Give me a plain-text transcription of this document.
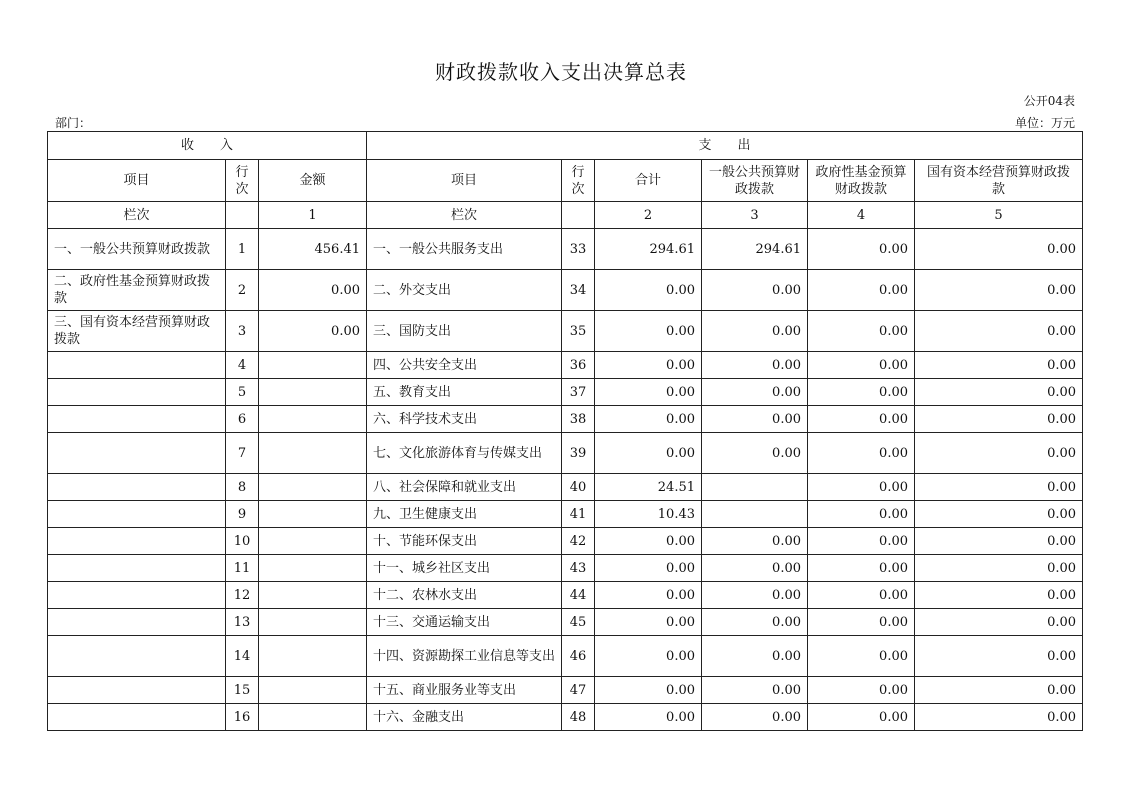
财政拨款收入支出决算总表
公开04表
部门：	单位：万元
收　　入			支　　出					
项目	行次	金额	项目	行次	合计	一般公共预算财政拨款	政府性基金预算财政拨款	国有资本经营预算财政拨款
栏次		1	栏次		2	3	4	5
一、一般公共预算财政拨款	1	456.41	一、一般公共服务支出	33	294.61	294.61	0.00	0.00
二、政府性基金预算财政拨款	2	0.00	二、外交支出	34	0.00	0.00	0.00	0.00
三、国有资本经营预算财政拨款	3	0.00	三、国防支出	35	0.00	0.00	0.00	0.00
	4		四、公共安全支出	36	0.00	0.00	0.00	0.00
	5		五、教育支出	37	0.00	0.00	0.00	0.00
	6		六、科学技术支出	38	0.00	0.00	0.00	0.00
	7		七、文化旅游体育与传媒支出	39	0.00	0.00	0.00	0.00
	8		八、社会保障和就业支出	40	24.51		0.00	0.00
	9		九、卫生健康支出	41	10.43		0.00	0.00
	10		十、节能环保支出	42	0.00	0.00	0.00	0.00
	11		十一、城乡社区支出	43	0.00	0.00	0.00	0.00
	12		十二、农林水支出	44	0.00	0.00	0.00	0.00
	13		十三、交通运输支出	45	0.00	0.00	0.00	0.00
	14		十四、资源勘探工业信息等支出	46	0.00	0.00	0.00	0.00
	15		十五、商业服务业等支出	47	0.00	0.00	0.00	0.00
	16		十六、金融支出	48	0.00	0.00	0.00	0.00
